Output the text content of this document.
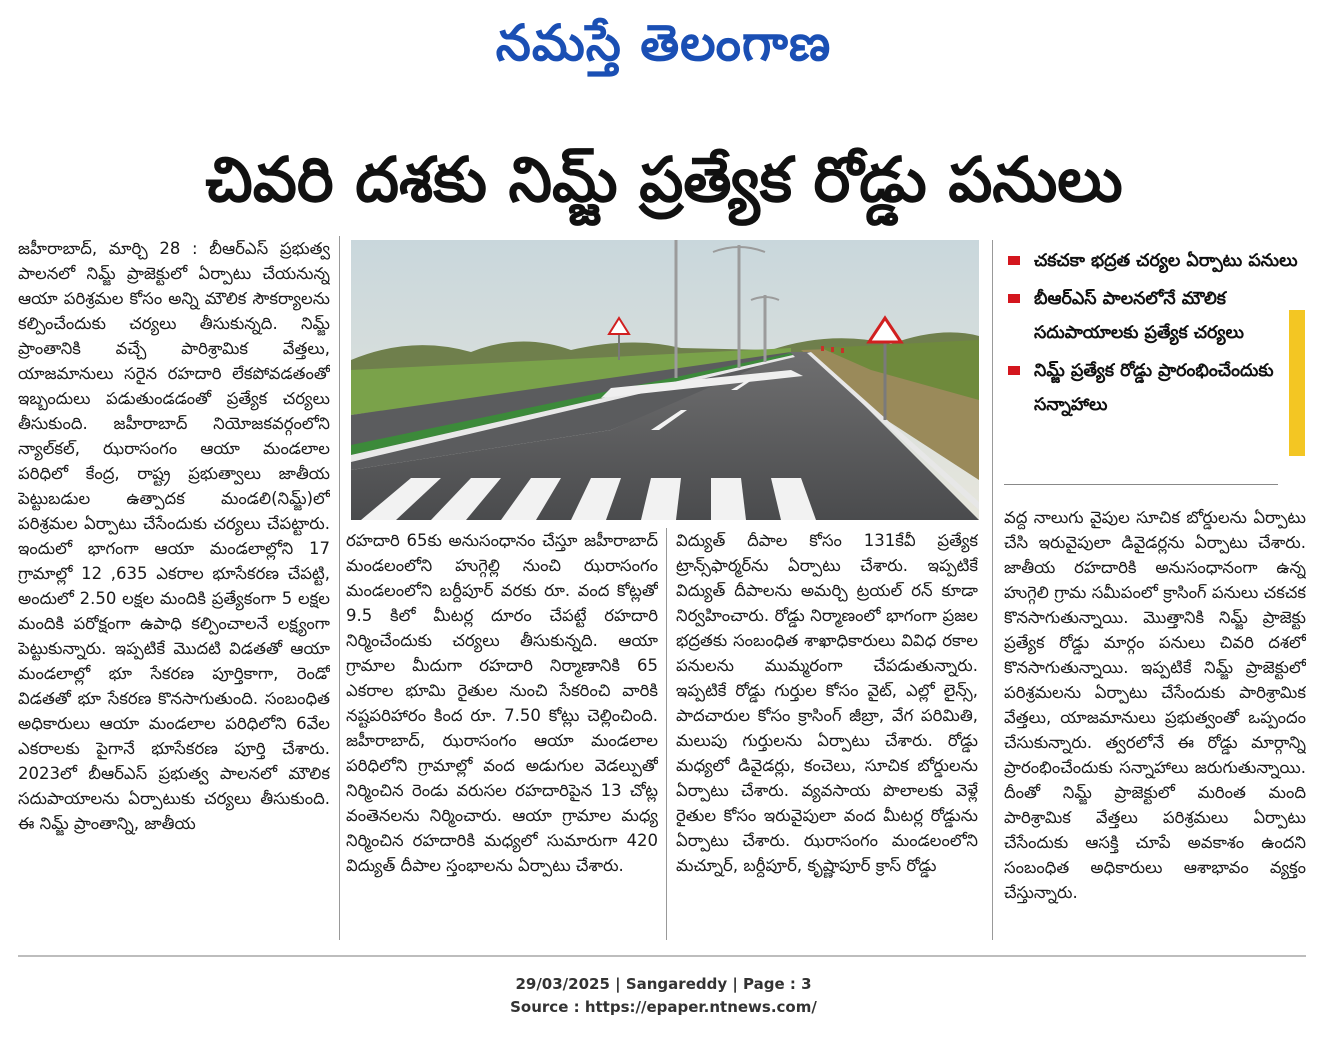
నమస్తే తెలంగాణ
చివరి దశకు నిమ్జ్ ప్రత్యేక రోడ్డు పనులు

జహీరాబాద్, మార్చి 28 : బీఆర్ఎస్ ప్రభుత్వ పాలనలో నిమ్జ్ ప్రాజెక్టులో ఏర్పాటు చేయనున్న ఆయా పరిశ్రమల కోసం అన్ని మౌలిక సౌకర్యాలను కల్పించేందుకు చర్యలు తీసుకున్నది. నిమ్జ్ ప్రాంతానికి వచ్చే పారిశ్రామిక వేత్తలు, యాజమానులు సరైన రహదారి లేకపోవడతంతో ఇబ్బందులు పడుతుండడంతో ప్రత్యేక చర్యలు తీసుకుంది. జహీరాబాద్ నియోజకవర్గంలోని న్యాల్‌కల్, ఝరాసంగం ఆయా మండలాల పరిధిలో కేంద్ర, రాష్ట్ర ప్రభుత్వాలు జాతీయ పెట్టుబడుల ఉత్పాదక మండలి(నిమ్జ్)లో పరిశ్రమల ఏర్పాటు చేసేందుకు చర్యలు చేపట్టారు. ఇందులో భాగంగా ఆయా మండలాల్లోని 17 గ్రామాల్లో 12 ,635 ఎకరాల భూసేకరణ చేపట్టి, అందులో 2.50 లక్షల మందికి ప్రత్యేకంగా 5 లక్షల మందికి పరోక్షంగా ఉపాధి కల్పించాలనే లక్ష్యంగా పెట్టుకున్నారు. ఇప్పటికే మొదటి విడతతో ఆయా మండలాల్లో భూ సేకరణ పూర్తికాగా, రెండో విడతతో భూ సేకరణ కొనసాగుతుంది. సంబంధిత అధికారులు ఆయా మండలాల పరిధిలోని 6వేల ఎకరాలకు పైగానే భూసేకరణ పూర్తి చేశారు. 2023లో బీఆర్ఎస్ ప్రభుత్వ పాలనలో మౌలిక సదుపాయాలను ఏర్పాటుకు చర్యలు తీసుకుంది. ఈ నిమ్జ్ ప్రాంతాన్ని, జాతీయ

రహదారి 65కు అనుసంధానం చేస్తూ జహీరాబాద్ మండలంలోని హుగ్గెల్లి నుంచి ఝరాసంగం మండలంలోని బర్దీపూర్ వరకు రూ. వంద కోట్లతో 9.5 కిలో మీటర్ల దూరం చేపట్టే రహదారి నిర్మించేందుకు చర్యలు తీసుకున్నది. ఆయా గ్రామాల మీదుగా రహదారి నిర్మాణానికి 65 ఎకరాల భూమి రైతుల నుంచి సేకరించి వారికి నష్టపరిహారం కింద రూ. 7.50 కోట్లు చెల్లించింది. జహీరాబాద్, ఝరాసంగం ఆయా మండలాల పరిధిలోని గ్రామాల్లో వంద అడుగుల వెడల్పుతో నిర్మించిన రెండు వరుసల రహదారిపైన 13 చోట్ల వంతెనలను నిర్మించారు. ఆయా గ్రామాల మధ్య నిర్మించిన రహదారికి మధ్యలో సుమారుగా 420 విద్యుత్ దీపాల స్తంభాలను ఏర్పాటు చేశారు.

విద్యుత్ దీపాల కోసం 131కేవీ ప్రత్యేక ట్రాన్స్‌ఫార్మర్‌ను ఏర్పాటు చేశారు. ఇప్పటికే విద్యుత్ దీపాలను అమర్చి ట్రయల్ రన్ కూడా నిర్వహించారు. రోడ్డు నిర్మాణంలో భాగంగా ప్రజల భద్రతకు సంబంధిత శాఖాధికారులు వివిధ రకాల పనులను ముమ్మరంగా చేపడుతున్నారు. ఇప్పటికే రోడ్డు గుర్తుల కోసం వైట్, ఎల్లో లైన్స్, పాదచారుల కోసం క్రాసింగ్ జీబ్రా, వేగ పరిమితి, మలుపు గుర్తులను ఏర్పాటు చేశారు. రోడ్డు మధ్యలో డివైడర్లు, కంచెలు, సూచిక బోర్డులను ఏర్పాటు చేశారు. వ్యవసాయ పొలాలకు వెళ్లే రైతుల కోసం ఇరువైపులా వంద మీటర్ల రోడ్డును ఏర్పాటు చేశారు. ఝరాసంగం మండలంలోని మచ్నూర్, బర్దీపూర్, కృష్ణాపూర్ క్రాస్ రోడ్డు

చకచకా భద్రత చర్యల ఏర్పాటు పనులు
బీఆర్ఎస్ పాలనలోనే మౌలిక సదుపాయాలకు ప్రత్యేక చర్యలు
నిమ్జ్ ప్రత్యేక రోడ్డు ప్రారంభించేందుకు సన్నాహాలు

వద్ద నాలుగు వైపుల సూచిక బోర్డులను ఏర్పాటు చేసి ఇరువైపులా డివైడర్లను ఏర్పాటు చేశారు. జాతీయ రహదారికి అనుసంధానంగా ఉన్న హుగ్గెలి గ్రామ సమీపంలో క్రాసింగ్ పనులు చకచక కొనసాగుతున్నాయి. మొత్తానికి నిమ్జ్ ప్రాజెక్టు ప్రత్యేక రోడ్డు మార్గం పనులు చివరి దశలో కొనసాగుతున్నాయి. ఇప్పటికే నిమ్జ్ ప్రాజెక్టులో పరిశ్రమలను ఏర్పాటు చేసేందుకు పారిశ్రామిక వేత్తలు, యాజమానులు ప్రభుత్వంతో ఒప్పందం చేసుకున్నారు. త్వరలోనే ఈ రోడ్డు మార్గాన్ని ప్రారంభించేందుకు సన్నాహాలు జరుగుతున్నాయి. దీంతో నిమ్జ్ ప్రాజెక్టులో మరింత మంది పారిశ్రామిక వేత్తలు పరిశ్రమలు ఏర్పాటు చేసేందుకు ఆసక్తి చూపే అవకాశం ఉందని సంబంధిత అధికారులు ఆశాభావం వ్యక్తం చేస్తున్నారు.

29/03/2025 | Sangareddy | Page : 3
Source : https://epaper.ntnews.com/
